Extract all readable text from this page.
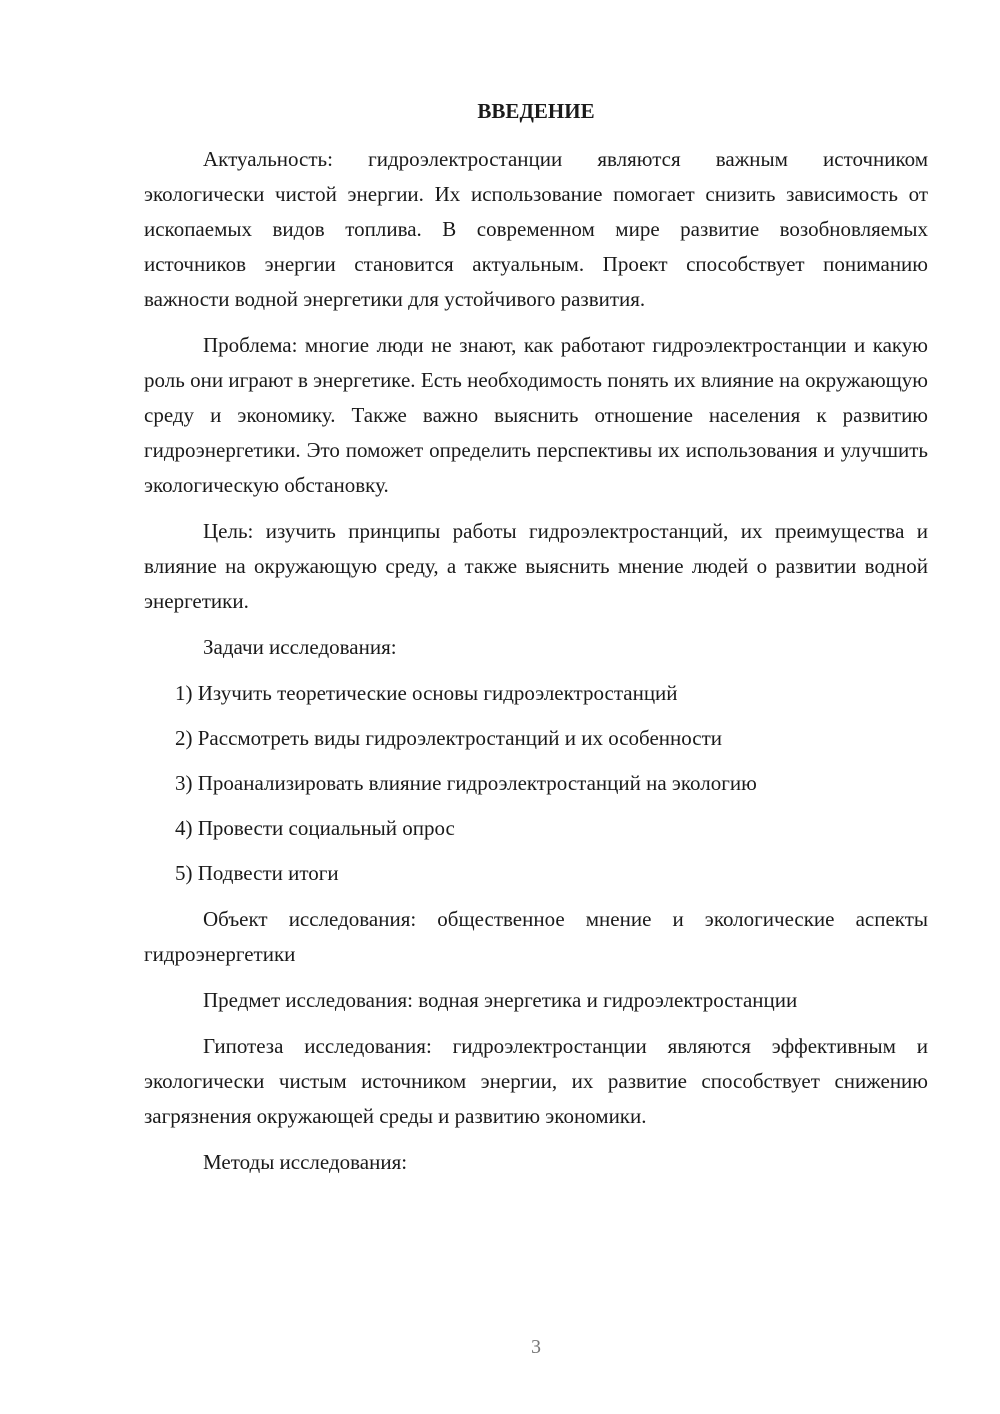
ВВЕДЕНИЕ

Актуальность: гидроэлектростанции являются важным источником экологически чистой энергии. Их использование помогает снизить зависимость от ископаемых видов топлива. В современном мире развитие возобновляемых источников энергии становится актуальным. Проект способствует пониманию важности водной энергетики для устойчивого развития.

Проблема: многие люди не знают, как работают гидроэлектростанции и какую роль они играют в энергетике. Есть необходимость понять их влияние на окружающую среду и экономику. Также важно выяснить отношение населения к развитию гидроэнергетики. Это поможет определить перспективы их использования и улучшить экологическую обстановку.

Цель: изучить принципы работы гидроэлектростанций, их преимущества и влияние на окружающую среду, а также выяснить мнение людей о развитии водной энергетики.

Задачи исследования:

1) Изучить теоретические основы гидроэлектростанций
2) Рассмотреть виды гидроэлектростанций и их особенности
3) Проанализировать влияние гидроэлектростанций на экологию
4) Провести социальный опрос
5) Подвести итоги

Объект исследования: общественное мнение и экологические аспекты гидроэнергетики

Предмет исследования: водная энергетика и гидроэлектростанции

Гипотеза исследования: гидроэлектростанции являются эффективным и экологически чистым источником энергии, их развитие способствует снижению загрязнения окружающей среды и развитию экономики.

Методы исследования:

3
